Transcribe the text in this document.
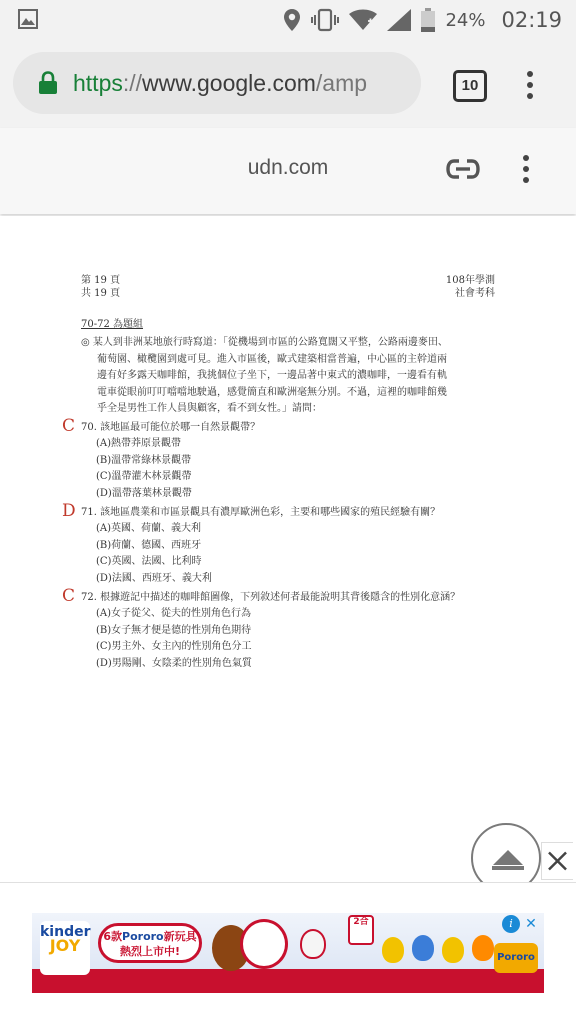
24% 02:19
https://www.google.com/amp	10
udn.com
第 19 頁
共 19 頁
108年學測
社會考科
70-72 為題組
◎ 某人到非洲某地旅行時寫道：「從機場到市區的公路寬闊又平整，公路兩邊麥田、
葡萄園、橄欖園到處可見。進入市區後，歐式建築相當普遍，中心區的主幹道兩
邊有好多露天咖啡館，我挑個位子坐下，一邊品著中東式的濃咖啡，一邊看有軌
電車從眼前叮叮噹噹地駛過，感覺簡直和歐洲毫無分別。不過，這裡的咖啡館幾
乎全是男性工作人員與顧客，看不到女性。」請問：
C 70. 該地區最可能位於哪一自然景觀帶？
(A)熱帶莽原景觀帶
(B)溫帶常綠林景觀帶
(C)溫帶灌木林景觀帶
(D)溫帶落葉林景觀帶
D 71. 該地區農業和市區景觀具有濃厚歐洲色彩，主要和哪些國家的殖民經驗有關？
(A)英國、荷蘭、義大利
(B)荷蘭、德國、西班牙
(C)英國、法國、比利時
(D)法國、西班牙、義大利
C 72. 根據遊記中描述的咖啡館圖像，下列敘述何者最能說明其背後隱含的性別化意涵？
(A)女子從父、從夫的性別角色行為
(B)女子無才便是德的性別角色期待
(C)男主外、女主內的性別角色分工
(D)男陽剛、女陰柔的性別角色氣質
kinder
JOY	6款Pororo新玩具
熱烈上市中!
2合
Pororo
i ✕
